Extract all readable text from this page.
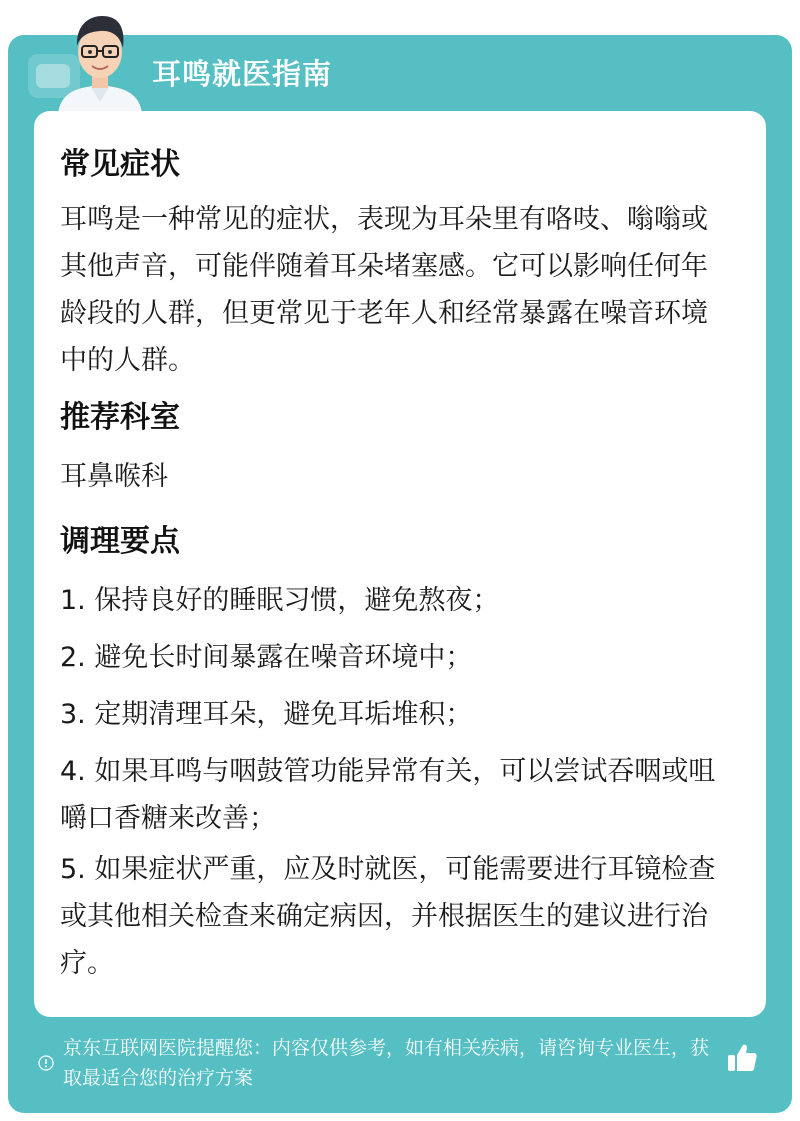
耳鸣就医指南
常见症状
耳鸣是一种常见的症状，表现为耳朵里有咯吱、嗡嗡或其他声音，可能伴随着耳朵堵塞感。它可以影响任何年龄段的人群，但更常见于老年人和经常暴露在噪音环境中的人群。
推荐科室
耳鼻喉科
调理要点
1. 保持良好的睡眠习惯，避免熬夜；
2. 避免长时间暴露在噪音环境中；
3. 定期清理耳朵，避免耳垢堆积；
4. 如果耳鸣与咽鼓管功能异常有关，可以尝试吞咽或咀嚼口香糖来改善；
5. 如果症状严重，应及时就医，可能需要进行耳镜检查或其他相关检查来确定病因，并根据医生的建议进行治疗。
京东互联网医院提醒您：内容仅供参考，如有相关疾病，请咨询专业医生，获取最适合您的治疗方案
